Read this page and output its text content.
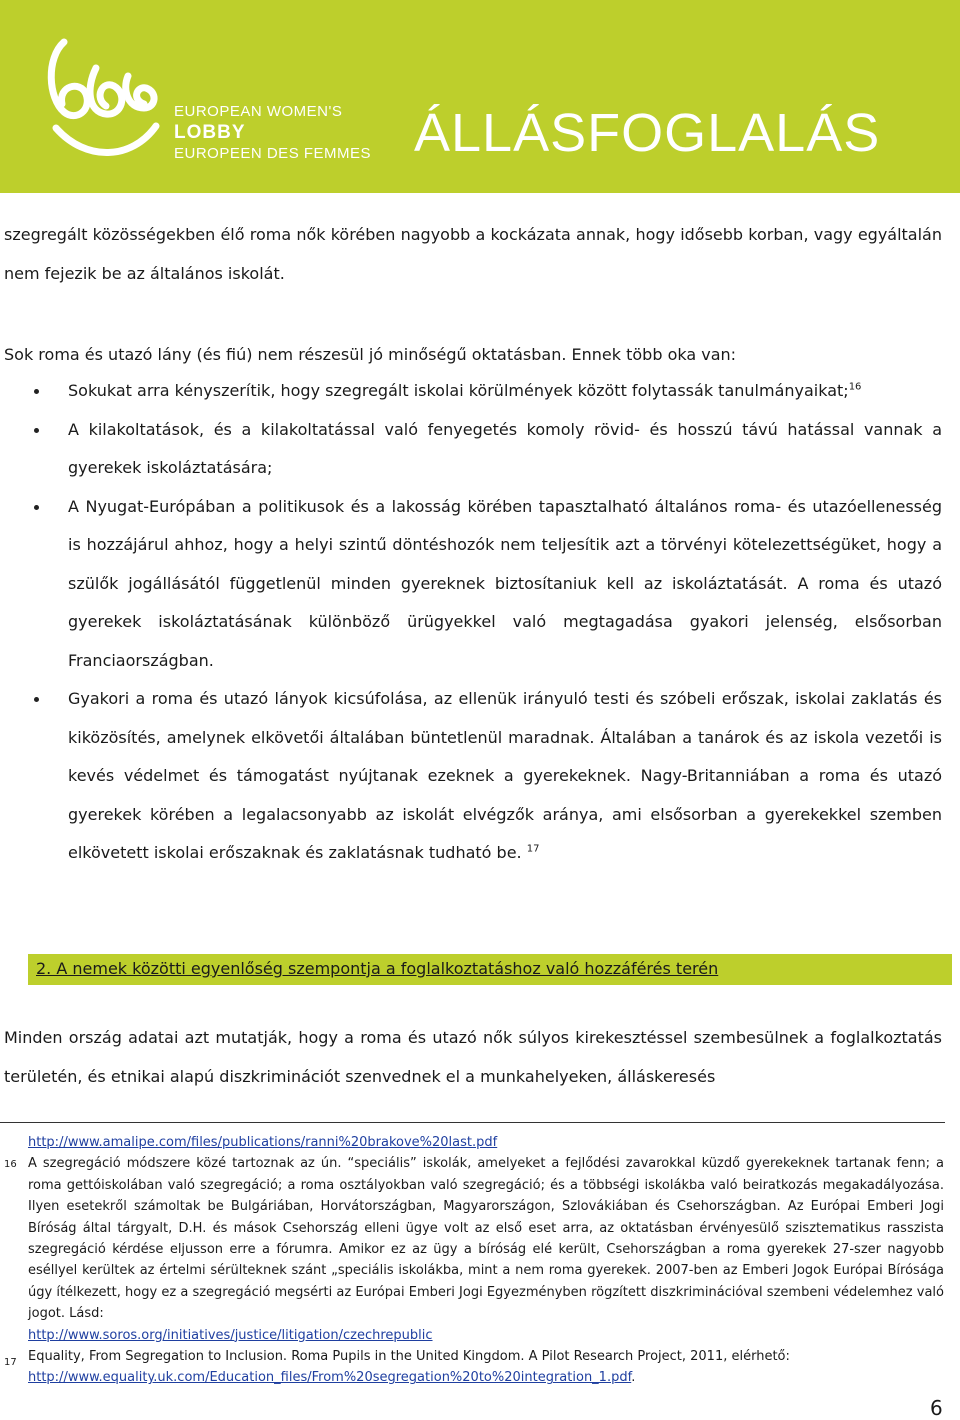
EUROPEAN WOMEN'S
LOBBY
EUROPEEN DES FEMMES ÁLLÁSFOGLALÁS
szegregált közösségekben élő roma nők körében nagyobb a kockázata annak, hogy idősebb korban, vagy egyáltalán nem fejezik be az általános iskolát.
Sok roma és utazó lány (és fiú) nem részesül jó minőségű oktatásban. Ennek több oka van:
Sokukat arra kényszerítik, hogy szegregált iskolai körülmények között folytassák tanulmányaikat;$^{16}$
A kilakoltatások, és a kilakoltatással való fenyegetés komoly rövid- és hosszú távú hatással vannak a gyerekek iskoláztatására;
A Nyugat-Európában a politikusok és a lakosság körében tapasztalható általános roma- és utazóellenesség is hozzájárul ahhoz, hogy a helyi szintű döntéshozók nem teljesítik azt a törvényi kötelezettségüket, hogy a szülők jogállásától függetlenül minden gyereknek biztosítaniuk kell az iskoláztatását. A roma és utazó gyerekek iskoláztatásának különböző ürügyekkel való megtagadása gyakori jelenség, elsősorban Franciaországban.
Gyakori a roma és utazó lányok kicsúfolása, az ellenük irányuló testi és szóbeli erőszak, iskolai zaklatás és kiközösítés, amelynek elkövetői általában büntetlenül maradnak. Általában a tanárok és az iskola vezetői is kevés védelmet és támogatást nyújtanak ezeknek a gyerekeknek. Nagy-Britanniában a roma és utazó gyerekek körében a legalacsonyabb az iskolát elvégzők aránya, ami elsősorban a gyerekekkel szemben elkövetett iskolai erőszaknak és zaklatásnak tudható be. $^{17}$
2. A nemek közötti egyenlőség szempontja a foglalkoztatáshoz való hozzáférés terén
Minden ország adatai azt mutatják, hogy a roma és utazó nők súlyos kirekesztéssel szembesülnek a foglalkoztatás területén, és etnikai alapú diszkriminációt szenvednek el a munkahelyeken, álláskeresés
16
http://www.amalipe.com/files/publications/ranni%20brakove%20last.pdf
A szegregáció módszere közé tartoznak az ún. “speciális” iskolák, amelyeket a fejlődési zavarokkal küzdő gyerekeknek tartanak fenn; a roma gettóiskolában való szegregáció; a roma osztályokban való szegregáció; és a többségi iskolákba való beiratkozás megakadályozása. Ilyen esetekről számoltak be Bulgáriában, Horvátországban, Magyarországon, Szlovákiában és Csehországban. Az Európai Emberi Jogi Bíróság által tárgyalt, D.H. és mások Csehország elleni ügye volt az első eset arra, az oktatásban érvényesülő szisztematikus rasszista szegregáció kérdése eljusson erre a fórumra. Amikor ez az ügy a bíróság elé került, Csehországban a roma gyerekek 27-szer nagyobb eséllyel kerültek az értelmi sérülteknek szánt „speciális iskolákba, mint a nem roma gyerekek. 2007-ben az Emberi Jogok Európai Bírósága úgy ítélkezett, hogy ez a szegregáció megsérti az Európai Emberi Jogi Egyezményben rögzített diszkriminációval szembeni védelemhez való jogot. Lásd:
http://www.soros.org/initiatives/justice/litigation/czechrepublic
17 Equality, From Segregation to Inclusion. Roma Pupils in the United Kingdom. A Pilot Research Project, 2011, elérhető:
http://www.equality.uk.com/Education_files/From%20segregation%20to%20integration_1.pdf.
6
